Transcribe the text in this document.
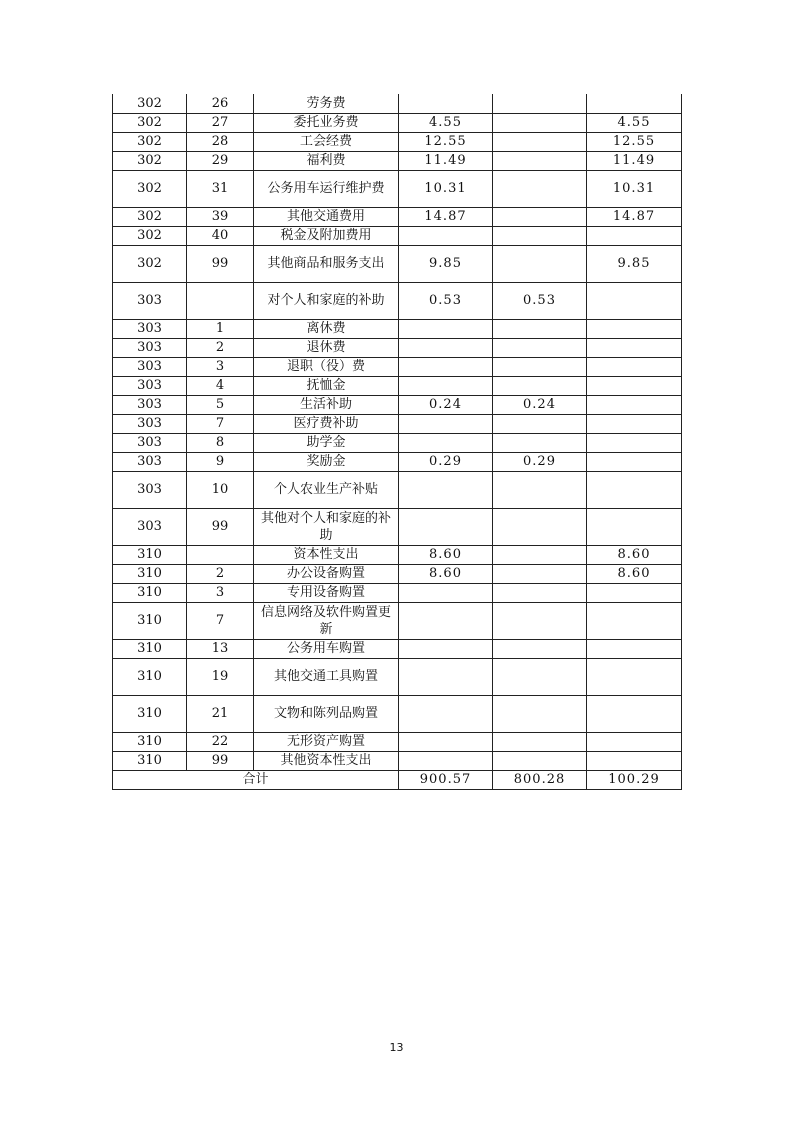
302	26	劳务费			
302	27	委托业务费	4.55		4.55
302	28	工会经费	12.55		12.55
302	29	福利费	11.49		11.49
302	31	公务用车运行维护费	10.31		10.31
302	39	其他交通费用	14.87		14.87
302	40	税金及附加费用			
302	99	其他商品和服务支出	9.85		9.85
303		对个人和家庭的补助	0.53	0.53	
303	1	离休费			
303	2	退休费			
303	3	退职（役）费			
303	4	抚恤金			
303	5	生活补助	0.24	0.24	
303	7	医疗费补助			
303	8	助学金			
303	9	奖励金	0.29	0.29	
303	10	个人农业生产补贴			
303	99	其他对个人和家庭的补助			
310		资本性支出	8.60		8.60
310	2	办公设备购置	8.60		8.60
310	3	专用设备购置			
310	7	信息网络及软件购置更新			
310	13	公务用车购置			
310	19	其他交通工具购置			
310	21	文物和陈列品购置			
310	22	无形资产购置			
310	99	其他资本性支出			
合计			900.57	800.28	100.29
13
